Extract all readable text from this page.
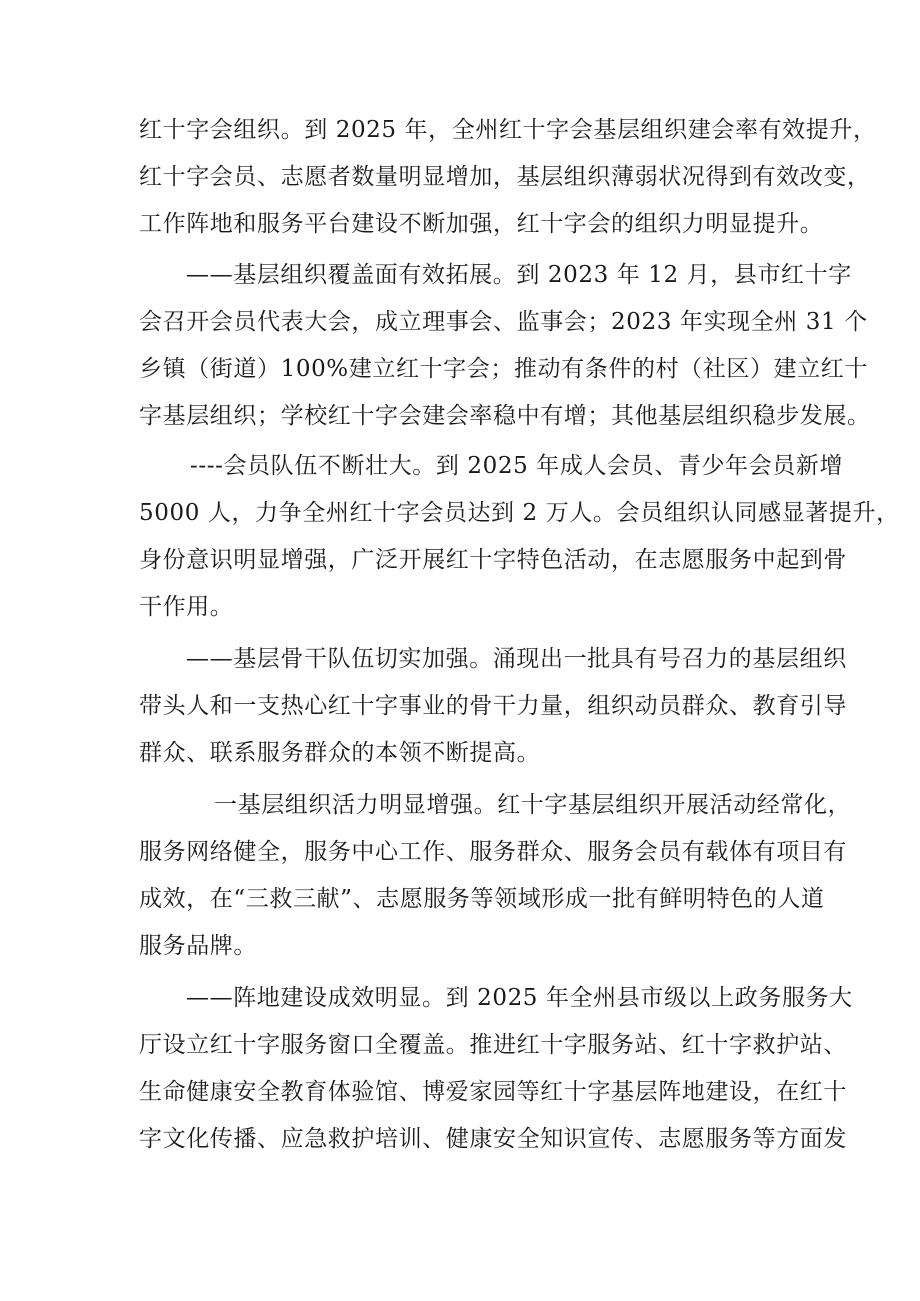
红十字会组织。到 2025 年，全州红十字会基层组织建会率有效提升，
红十字会员、志愿者数量明显增加，基层组织薄弱状况得到有效改变，
工作阵地和服务平台建设不断加强，红十字会的组织力明显提升。
——基层组织覆盖面有效拓展。到 2023 年 12 月，县市红十字
会召开会员代表大会，成立理事会、监事会；2023 年实现全州 31 个
乡镇（街道）100%建立红十字会；推动有条件的村（社区）建立红十
字基层组织；学校红十字会建会率稳中有增；其他基层组织稳步发展。
----会员队伍不断壮大。到 2025 年成人会员、青少年会员新增
5000 人，力争全州红十字会员达到 2 万人。会员组织认同感显著提升，
身份意识明显增强，广泛开展红十字特色活动，在志愿服务中起到骨
干作用。
——基层骨干队伍切实加强。涌现出一批具有号召力的基层组织
带头人和一支热心红十字事业的骨干力量，组织动员群众、教育引导
群众、联系服务群众的本领不断提高。
一基层组织活力明显增强。红十字基层组织开展活动经常化，
服务网络健全，服务中心工作、服务群众、服务会员有载体有项目有
成效，在“三救三献”、志愿服务等领域形成一批有鲜明特色的人道
服务品牌。
——阵地建设成效明显。到 2025 年全州县市级以上政务服务大
厅设立红十字服务窗口全覆盖。推进红十字服务站、红十字救护站、
生命健康安全教育体验馆、博爱家园等红十字基层阵地建设，在红十
字文化传播、应急救护培训、健康安全知识宣传、志愿服务等方面发
